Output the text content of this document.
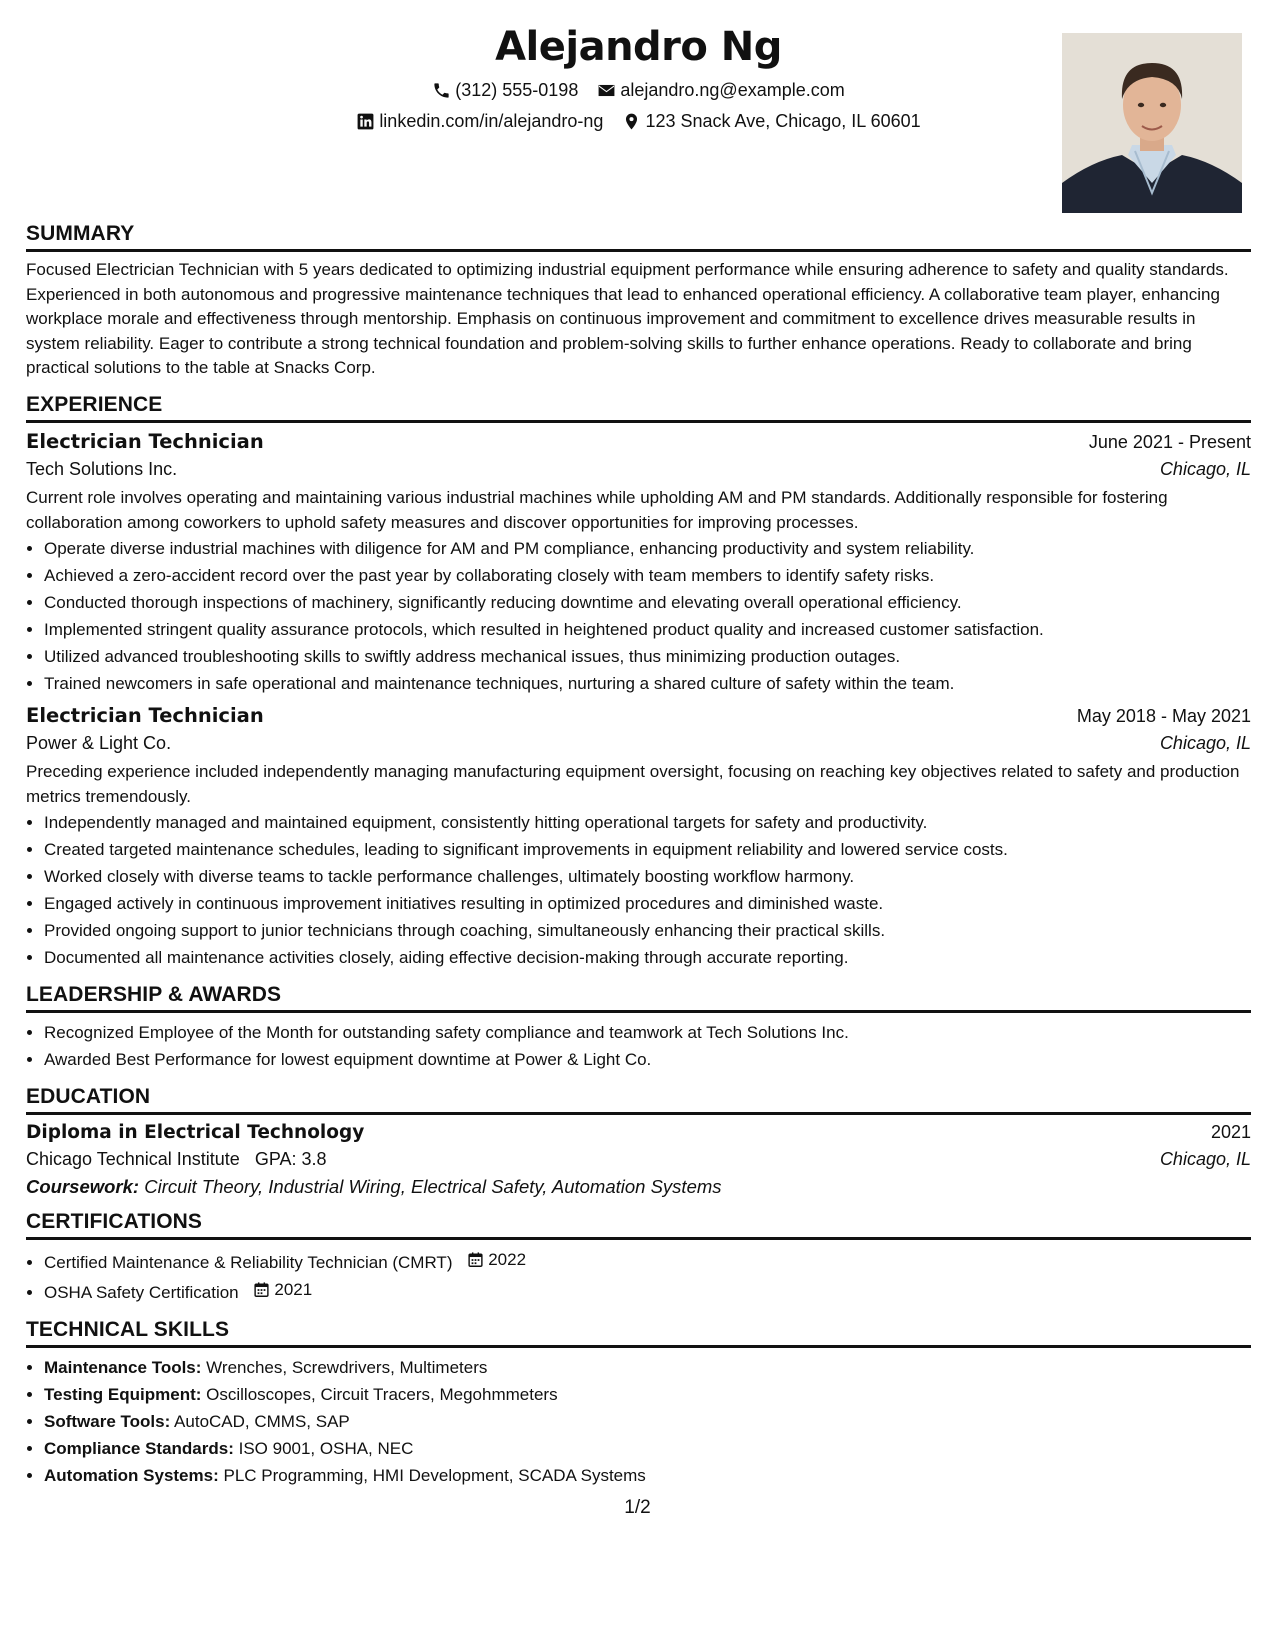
Alejandro Ng
(312) 555-0198
alejandro.ng@example.com
linkedin.com/in/alejandro-ng
123 Snack Ave, Chicago, IL 60601
SUMMARY

Focused Electrician Technician with 5 years dedicated to optimizing industrial equipment performance while ensuring adherence to safety and quality standards. Experienced in both autonomous and progressive maintenance techniques that lead to enhanced operational efficiency. A collaborative team player, enhancing workplace morale and effectiveness through mentorship. Emphasis on continuous improvement and commitment to excellence drives measurable results in system reliability. Eager to contribute a strong technical foundation and problem-solving skills to further enhance operations. Ready to collaborate and bring practical solutions to the table at Snacks Corp.

EXPERIENCE
Electrician Technician	June 2021 - Present
Tech Solutions Inc.	Chicago, IL

Current role involves operating and maintaining various industrial machines while upholding AM and PM standards. Additionally responsible for fostering collaboration among coworkers to uphold safety measures and discover opportunities for improving processes.

• Operate diverse industrial machines with diligence for AM and PM compliance, enhancing productivity and system reliability.
• Achieved a zero-accident record over the past year by collaborating closely with team members to identify safety risks.
• Conducted thorough inspections of machinery, significantly reducing downtime and elevating overall operational efficiency.
• Implemented stringent quality assurance protocols, which resulted in heightened product quality and increased customer satisfaction.
• Utilized advanced troubleshooting skills to swiftly address mechanical issues, thus minimizing production outages.
• Trained newcomers in safe operational and maintenance techniques, nurturing a shared culture of safety within the team.
Electrician Technician	May 2018 - May 2021
Power & Light Co.	Chicago, IL

Preceding experience included independently managing manufacturing equipment oversight, focusing on reaching key objectives related to safety and production metrics tremendously.

• Independently managed and maintained equipment, consistently hitting operational targets for safety and productivity.
• Created targeted maintenance schedules, leading to significant improvements in equipment reliability and lowered service costs.
• Worked closely with diverse teams to tackle performance challenges, ultimately boosting workflow harmony.
• Engaged actively in continuous improvement initiatives resulting in optimized procedures and diminished waste.
• Provided ongoing support to junior technicians through coaching, simultaneously enhancing their practical skills.
• Documented all maintenance activities closely, aiding effective decision-making through accurate reporting.
LEADERSHIP & AWARDS
• Recognized Employee of the Month for outstanding safety compliance and teamwork at Tech Solutions Inc.
• Awarded Best Performance for lowest equipment downtime at Power & Light Co.
EDUCATION
Diploma in Electrical Technology	2021
Chicago Technical Institute GPA: 3.8	Chicago, IL
Coursework: Circuit Theory, Industrial Wiring, Electrical Safety, Automation Systems
CERTIFICATIONS
• Certified Maintenance & Reliability Technician (CMRT) 2022
• OSHA Safety Certification 2021
TECHNICAL SKILLS
• Maintenance Tools: Wrenches, Screwdrivers, Multimeters
• Testing Equipment: Oscilloscopes, Circuit Tracers, Megohmmeters
• Software Tools: AutoCAD, CMMS, SAP
• Compliance Standards: ISO 9001, OSHA, NEC
• Automation Systems: PLC Programming, HMI Development, SCADA Systems
1/2
